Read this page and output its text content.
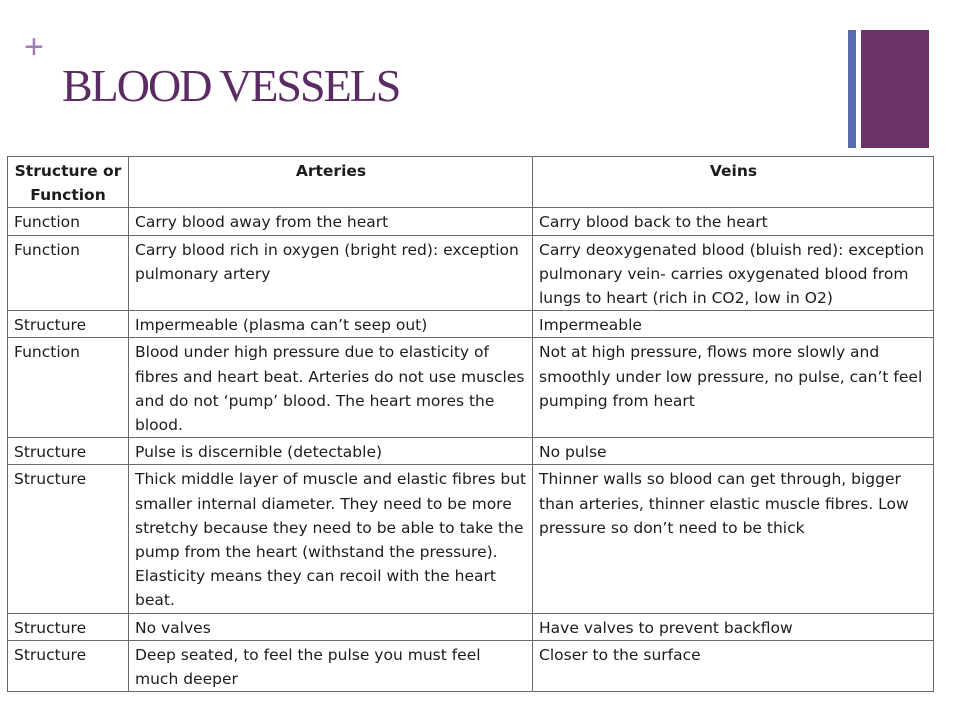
+
BLOOD VESSELS
Structure or Function	Arteries	Veins
Function	Carry blood away from the heart	Carry blood back to the heart
Function	Carry blood rich in oxygen (bright red): exception pulmonary artery	Carry deoxygenated blood (bluish red): exception pulmonary vein- carries oxygenated blood from lungs to heart (rich in CO2, low in O2)
Structure	Impermeable (plasma can’t seep out)	Impermeable
Function	Blood under high pressure due to elasticity of fibres and heart beat. Arteries do not use muscles and do not ‘pump’ blood. The heart mores the blood.	Not at high pressure, flows more slowly and smoothly under low pressure, no pulse, can’t feel pumping from heart
Structure	Pulse is discernible (detectable)	No pulse
Structure	Thick middle layer of muscle and elastic fibres but smaller internal diameter. They need to be more stretchy because they need to be able to take the pump from the heart (withstand the pressure). Elasticity means they can recoil with the heart beat.	Thinner walls so blood can get through, bigger than arteries, thinner elastic muscle fibres. Low pressure so don’t need to be thick
Structure	No valves	Have valves to prevent backflow
Structure	Deep seated, to feel the pulse you must feel much deeper	Closer to the surface
